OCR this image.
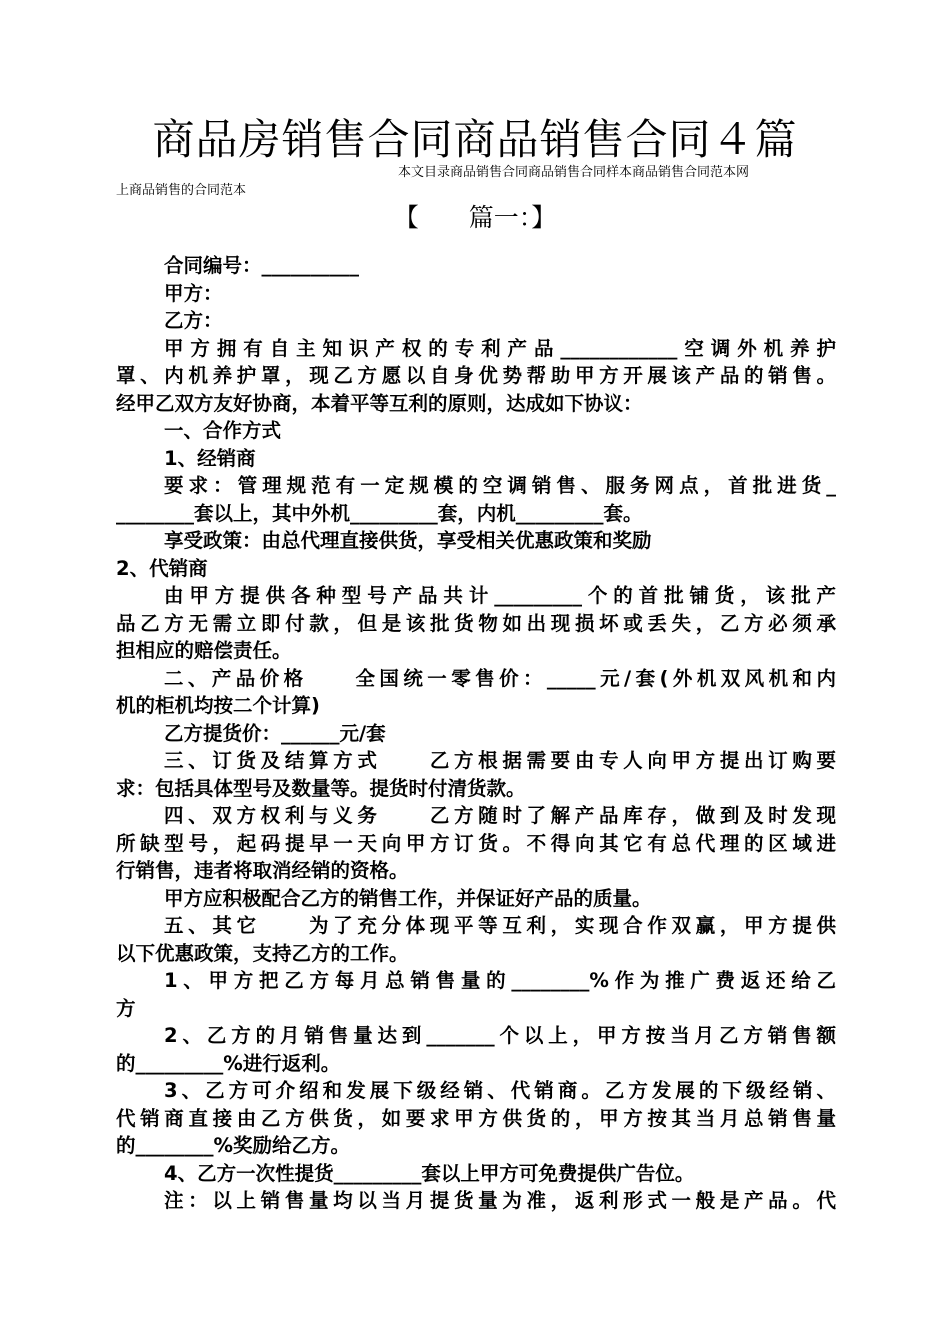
商品房销售合同商品销售合同４篇
本文目录商品销售合同商品销售合同样本商品销售合同范本网
上商品销售的合同范本
【　　篇一：】

合同编号：__________

甲方：

乙方：

甲方拥有自主知识产权的专利产品____________空调外机养护

罩、内机养护罩，现乙方愿以自身优势帮助甲方开展该产品的销售。

经甲乙双方友好协商，本着平等互利的原则，达成如下协议：

一、合作方式

1、经销商

要求：管理规范有一定规模的空调销售、服务网点，首批进货_

________套以上，其中外机_________套，内机_________套。

享受政策：由总代理直接供货，享受相关优惠政策和奖励

2、代销商

由甲方提供各种型号产品共计_________个的首批铺货，该批产

品乙方无需立即付款，但是该批货物如出现损坏或丢失，乙方必须承

担相应的赔偿责任。

二、产品价格　　全国统一零售价：_____元/套(外机双风机和内

机的柜机均按二个计算)

乙方提货价：______元/套

三、订货及结算方式　　乙方根据需要由专人向甲方提出订购要

求：包括具体型号及数量等。提货时付清货款。

四、双方权利与义务　　乙方随时了解产品库存，做到及时发现

所缺型号，起码提早一天向甲方订货。不得向其它有总代理的区域进

行销售，违者将取消经销的资格。

甲方应积极配合乙方的销售工作，并保证好产品的质量。

五、其它　　为了充分体现平等互利，实现合作双赢，甲方提供

以下优惠政策，支持乙方的工作。

1、甲方把乙方每月总销售量的________%作为推广费返还给乙

方

2、乙方的月销售量达到_______个以上，甲方按当月乙方销售额

的_________%进行返利。

3、乙方可介绍和发展下级经销、代销商。乙方发展的下级经销、

代销商直接由乙方供货，如要求甲方供货的，甲方按其当月总销售量

的________%奖励给乙方。

4、乙方一次性提货_________套以上甲方可免费提供广告位。

注：以上销售量均以当月提货量为准，返利形式一般是产品。代
